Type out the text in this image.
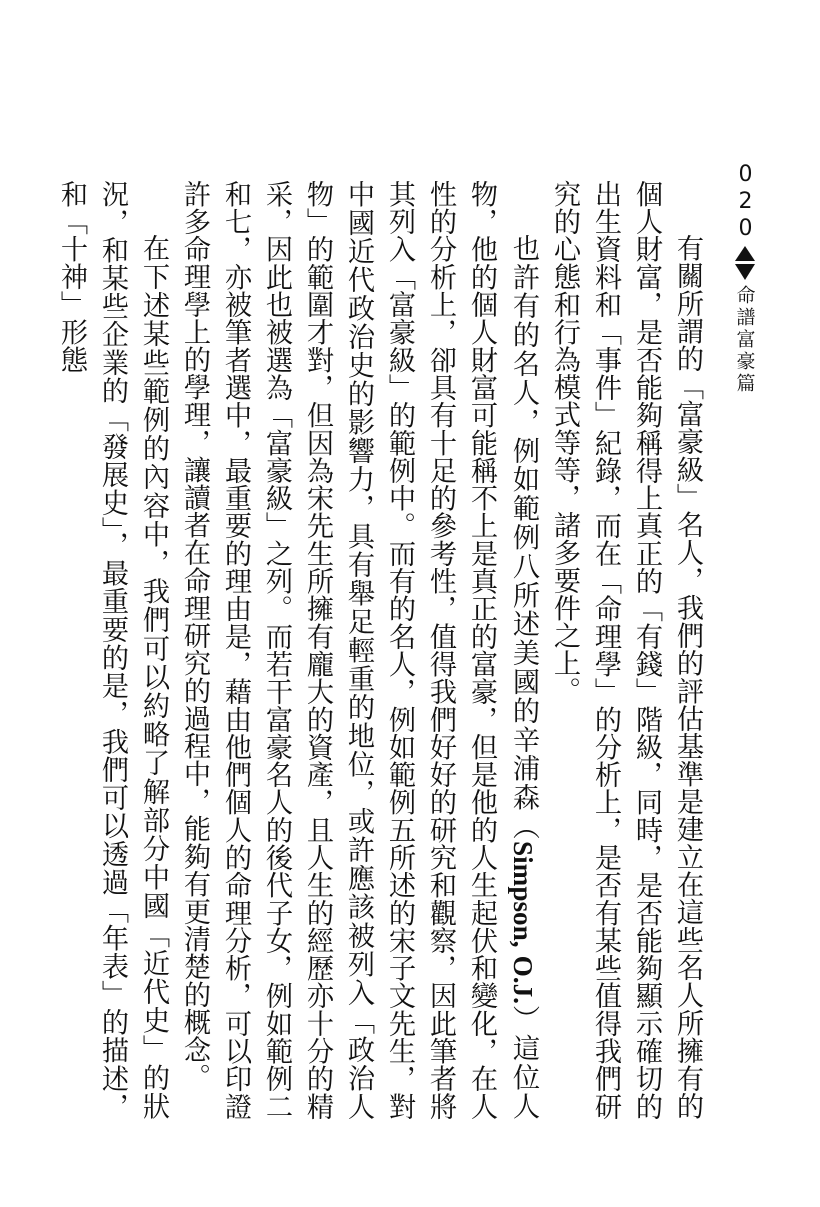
020
命譜富豪篇

有關所謂的「富豪級」名人，我們的評估基準是建立在這些名人所擁有的個人財富，是否能夠稱得上真正的「有錢」階級，同時，是否能夠顯示確切的出生資料和「事件」紀錄，而在「命理學」的分析上，是否有某些值得我們研究的心態和行為模式等等，諸多要件之上。

也許有的名人，例如範例八所述美國的辛浦森（Simpson, O.J.）這位人物，他的個人財富可能稱不上是真正的富豪，但是他的人生起伏和變化，在人性的分析上，卻具有十足的參考性，值得我們好好的研究和觀察，因此筆者將其列入「富豪級」的範例中。而有的名人，例如範例五所述的宋子文先生，對中國近代政治史的影響力，具有舉足輕重的地位，或許應該被列入「政治人物」的範圍才對，但因為宋先生所擁有龐大的資產，且人生的經歷亦十分的精采，因此也被選為「富豪級」之列。而若干富豪名人的後代子女，例如範例二和七，亦被筆者選中，最重要的理由是，藉由他們個人的命理分析，可以印證許多命理學上的學理，讓讀者在命理研究的過程中，能夠有更清楚的概念。

在下述某些範例的內容中，我們可以約略了解部分中國「近代史」的狀況，和某些企業的「發展史」，最重要的是，我們可以透過「年表」的描述，和「十神」形態
